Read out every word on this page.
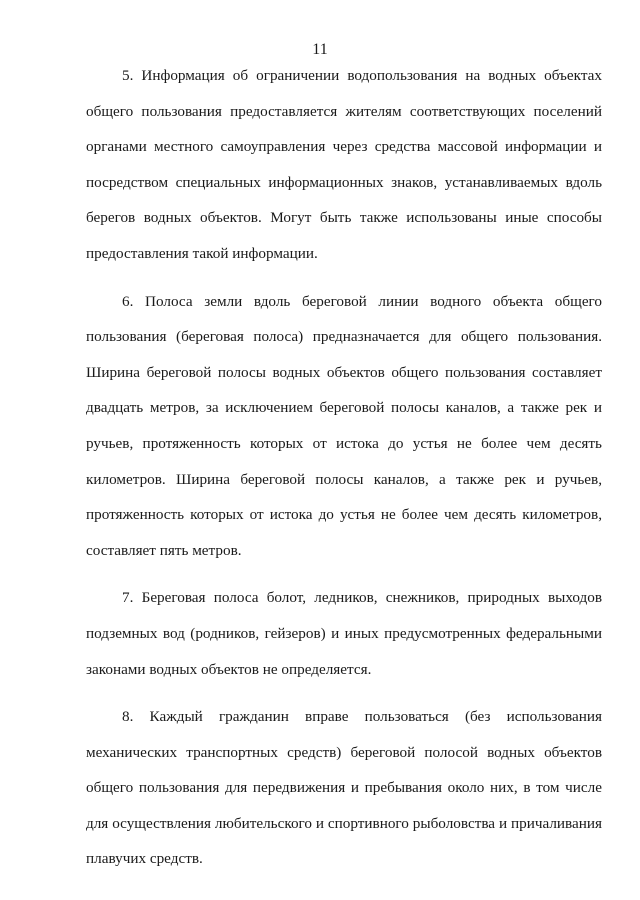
11

5. Информация об ограничении водопользования на водных объектах общего пользования предоставляется жителям соответствующих поселений органами местного самоуправления через средства массовой информации и посредством специальных информационных знаков, устанавливаемых вдоль берегов водных объектов. Могут быть также использованы иные способы предоставления такой информации.

6. Полоса земли вдоль береговой линии водного объекта общего пользования (береговая полоса) предназначается для общего пользования. Ширина береговой полосы водных объектов общего пользования составляет двадцать метров, за исключением береговой полосы каналов, а также рек и ручьев, протяженность которых от истока до устья не более чем десять километров. Ширина береговой полосы каналов, а также рек и ручьев, протяженность которых от истока до устья не более чем десять километров, составляет пять метров.

7. Береговая полоса болот, ледников, снежников, природных выходов подземных вод (родников, гейзеров) и иных предусмотренных федеральными законами водных объектов не определяется.

8. Каждый гражданин вправе пользоваться (без использования механических транспортных средств) береговой полосой водных объектов общего пользования для передвижения и пребывания около них, в том числе для осуществления любительского и спортивного рыболовства и причаливания плавучих средств.
